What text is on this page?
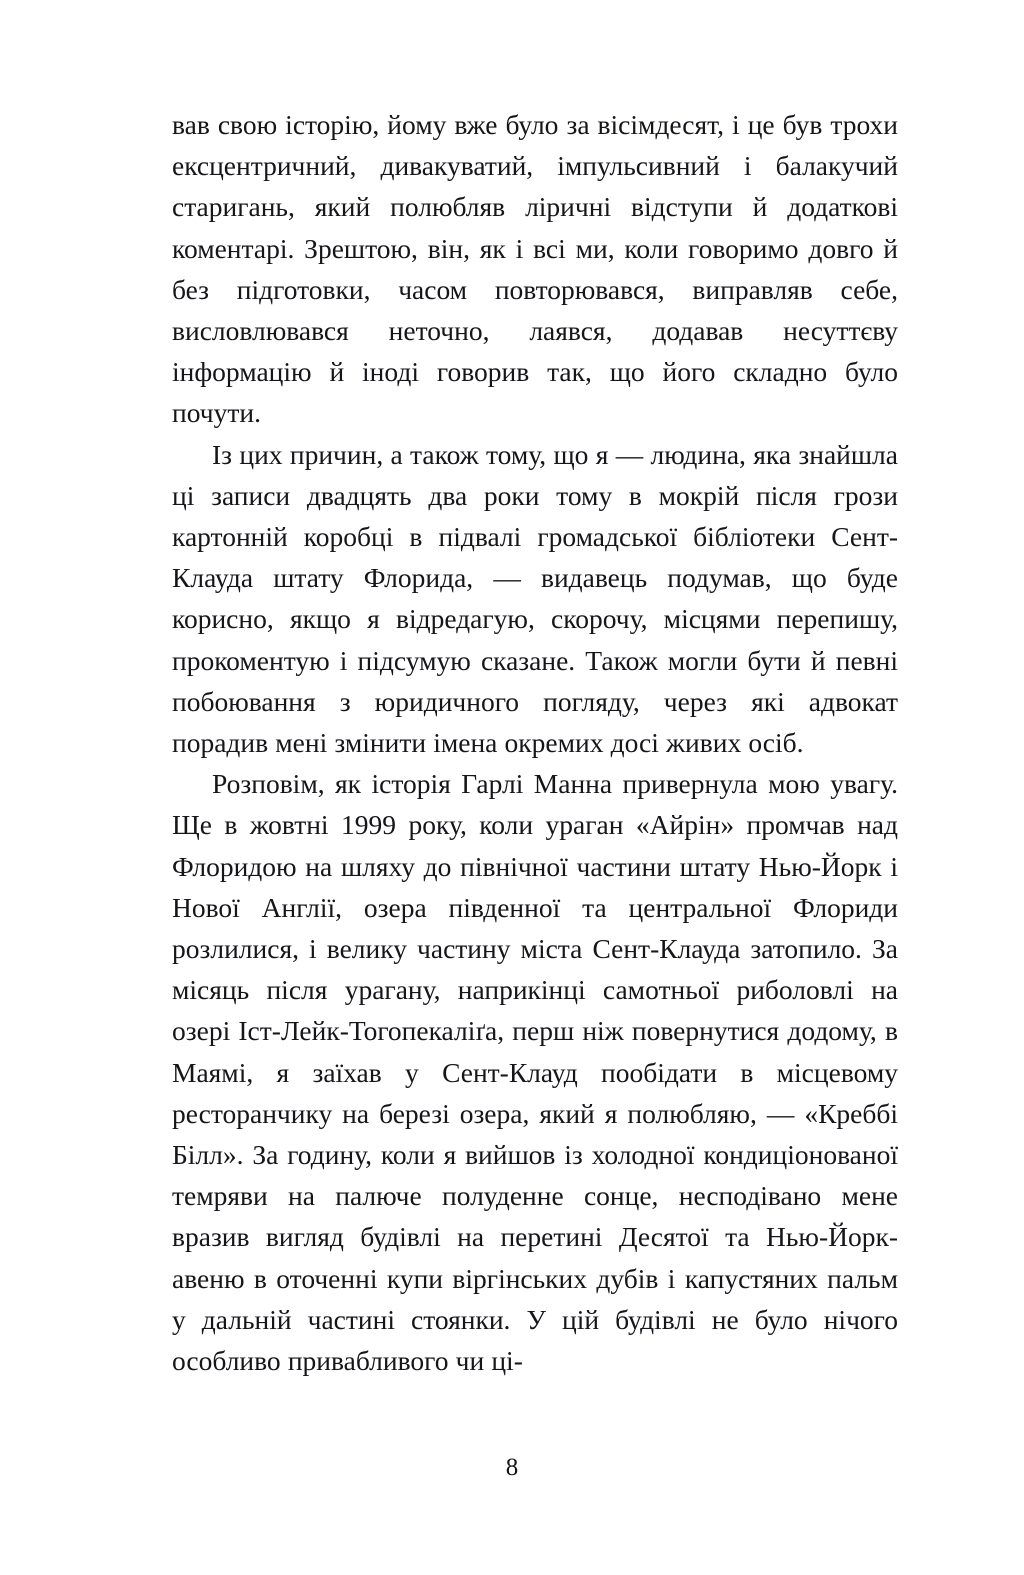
вав свою історію, йому вже було за вісімдесят, і це був трохи ексцентричний, дивакуватий, імпульсивний і балакучий старигань, який полюбляв ліричні відступи й додаткові коментарі. Зрештою, він, як і всі ми, коли говоримо довго й без підготовки, часом повторювався, виправляв себе, висловлювався неточно, лаявся, додавав несуттєву інформацію й іноді говорив так, що його складно було почути.

Із цих причин, а також тому, що я — людина, яка знайшла ці записи двадцять два роки тому в мокрій після грози картонній коробці в підвалі громадської бібліотеки Сент-Клауда штату Флорида, — видавець подумав, що буде корисно, якщо я відредагую, скорочу, місцями перепишу, прокоментую і підсумую сказане. Також могли бути й певні побоювання з юридичного погляду, через які адвокат порадив мені змінити імена окремих досі живих осіб.

Розповім, як історія Гарлі Манна привернула мою увагу. Ще в жовтні 1999 року, коли ураган «Айрін» промчав над Флоридою на шляху до північної частини штату Нью-Йорк і Нової Англії, озера південної та центральної Флориди розлилися, і велику частину міста Сент-Клауда затопило. За місяць після урагану, наприкінці самотньої риболовлі на озері Іст-Лейк-Тогопекаліґа, перш ніж повернутися додому, в Маямі, я заїхав у Сент-Клауд пообідати в місцевому ресторанчику на березі озера, який я полюбляю, — «Креббі Білл». За годину, коли я вийшов із холодної кондиціонованої темряви на палюче полуденне сонце, несподівано мене вразив вигляд будівлі на перетині Десятої та Нью-Йорк-авеню в оточенні купи віргінських дубів і капустяних пальм у дальній частині стоянки. У цій будівлі не було нічого особливо привабливого чи ці-

8
